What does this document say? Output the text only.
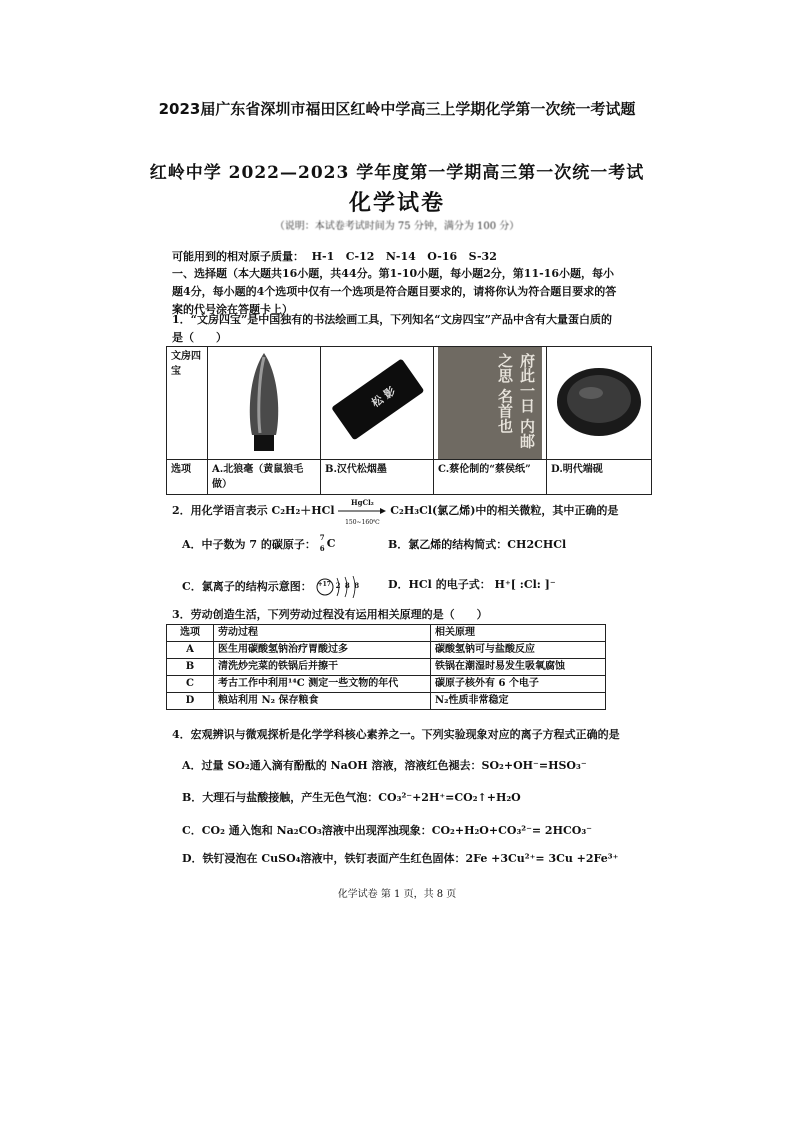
2023届广东省深圳市福田区红岭中学高三上学期化学第一次统一考试题
红岭中学 2022—2023 学年度第一学期高三第一次统一考试
化学试卷
（说明：本试卷考试时间为 75 分钟，满分为 100 分）
可能用到的相对原子质量：  H-1   C-12   N-14   O-16   S-32
一、选择题（本大题共16小题，共44分。第1-10小题，每小题2分，第11-16小题，每小题4分，每小题的4个选项中仅有一个选项是符合题目要求的，请将你认为符合题目要求的答案的代号涂在答题卡上）
1．“文房四宝”是中国独有的书法绘画工具，下列知名“文房四宝”产品中含有大量蛋白质的是（　　）
文房四宝		松 影	府此一日 内邮之思 名首也

选项	A.北狼毫（黄鼠狼毛做）	B.汉代松烟墨	C.蔡伦制的“蔡侯纸”	D.明代端砚
2．用化学语言表示 C₂H₂＋HCl
HgCl₂
150~160℃
C₂H₃Cl(氯乙烯)中的相关微粒，其中正确的是
A．中子数为 7 的碳原子：
7
6 C	B．氯乙烯的结构简式：CH2CHCl
C．氯离子的结构示意图： +17 2 8 8	D．HCl 的电子式： H⁺[ :Cl: ]⁻
3．劳动创造生活，下列劳动过程没有运用相关原理的是（　　）
选项	劳动过程	相关原理
A	医生用碳酸氢钠治疗胃酸过多	碳酸氢钠可与盐酸反应
B	清洗炒完菜的铁锅后并擦干	铁锅在潮湿时易发生吸氧腐蚀
C	考古工作中利用¹⁴C 测定一些文物的年代	碳原子核外有 6 个电子
D	粮站利用 N₂ 保存粮食	N₂性质非常稳定
4．宏观辨识与微观探析是化学学科核心素养之一。下列实验现象对应的离子方程式正确的是
A．过量 SO₂通入滴有酚酞的 NaOH 溶液，溶液红色褪去：SO₂+OH⁻=HSO₃⁻
B．大理石与盐酸接触，产生无色气泡：CO₃²⁻+2H⁺=CO₂↑+H₂O
C．CO₂ 通入饱和 Na₂CO₃溶液中出现浑浊现象：CO₂+H₂O+CO₃²⁻= 2HCO₃⁻
D．铁钉浸泡在 CuSO₄溶液中，铁钉表面产生红色固体：2Fe +3Cu²⁺= 3Cu +2Fe³⁺
化学试卷 第 1 页，共 8 页
